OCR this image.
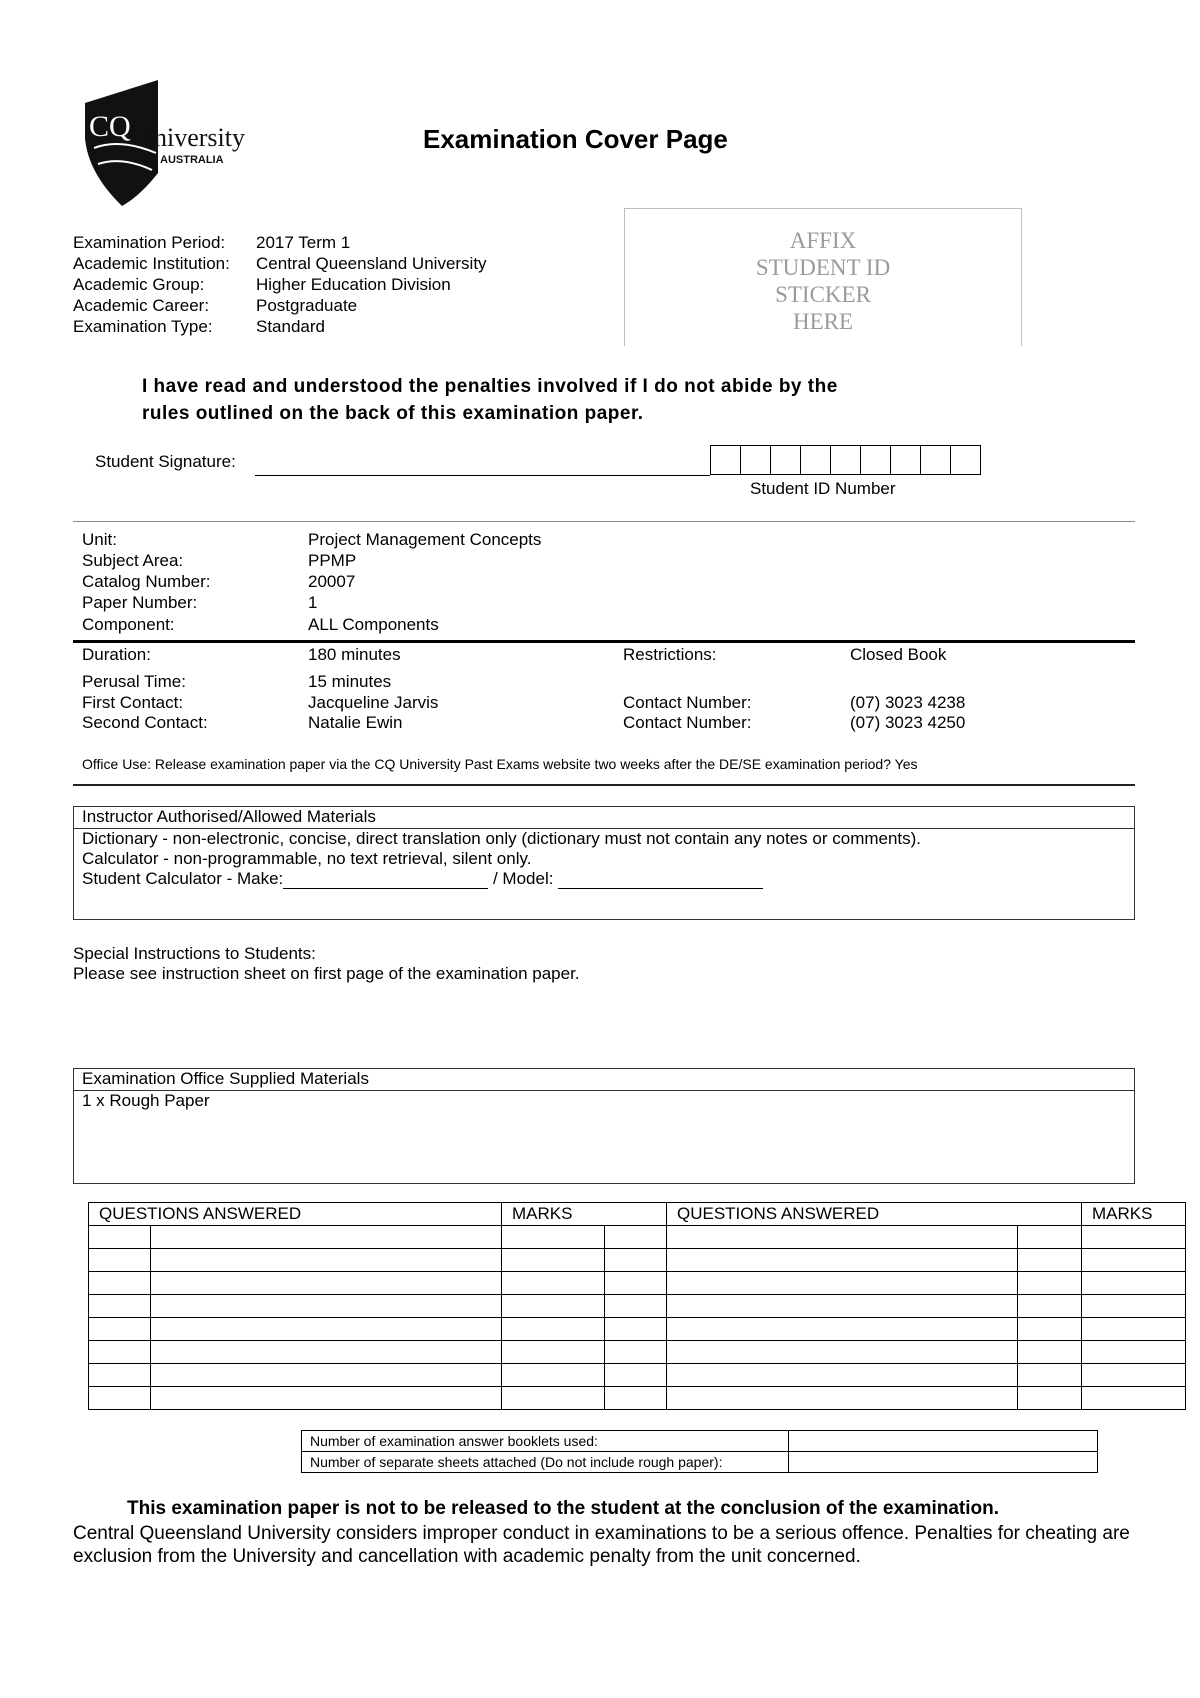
CQ U niversity
AUSTRALIA
Examination Cover Page
Examination Period:	2017 Term 1
Academic Institution:	Central Queensland University
Academic Group:	Higher Education Division
Academic Career:	Postgraduate
Examination Type:	Standard
AFFIX
STUDENT ID
STICKER
HERE
I have read and understood the penalties involved if I do not abide by the
rules outlined on the back of this examination paper.
Student Signature:
Student ID Number
Unit:	Project Management Concepts
Subject Area:	PPMP
Catalog Number:	20007
Paper Number:	1
Component:	ALL Components
Duration:	180 minutes	Restrictions:	Closed Book
Perusal Time:	15 minutes
First Contact:	Jacqueline Jarvis	Contact Number:	(07) 3023 4238
Second Contact:	Natalie Ewin	Contact Number:	(07) 3023 4250
Office Use: Release examination paper via the CQ University Past Exams website two weeks after the DE/SE examination period? Yes
Instructor Authorised/Allowed Materials
Dictionary - non-electronic, concise, direct translation only (dictionary must not contain any notes or comments).
Calculator - non-programmable, no text retrieval, silent only.
Student Calculator - Make:	/ Model:
Special Instructions to Students:
Please see instruction sheet on first page of the examination paper.
Examination Office Supplied Materials
1 x Rough Paper
QUESTIONS ANSWERED		MARKS		QUESTIONS ANSWERED		MARKS

Number of examination answer booklets used:	
Number of separate sheets attached (Do not include rough paper):	
This examination paper is not to be released to the student at the conclusion of the examination.
Central Queensland University considers improper conduct in examinations to be a serious offence. Penalties for cheating are exclusion from the University and cancellation with academic penalty from the unit concerned.
